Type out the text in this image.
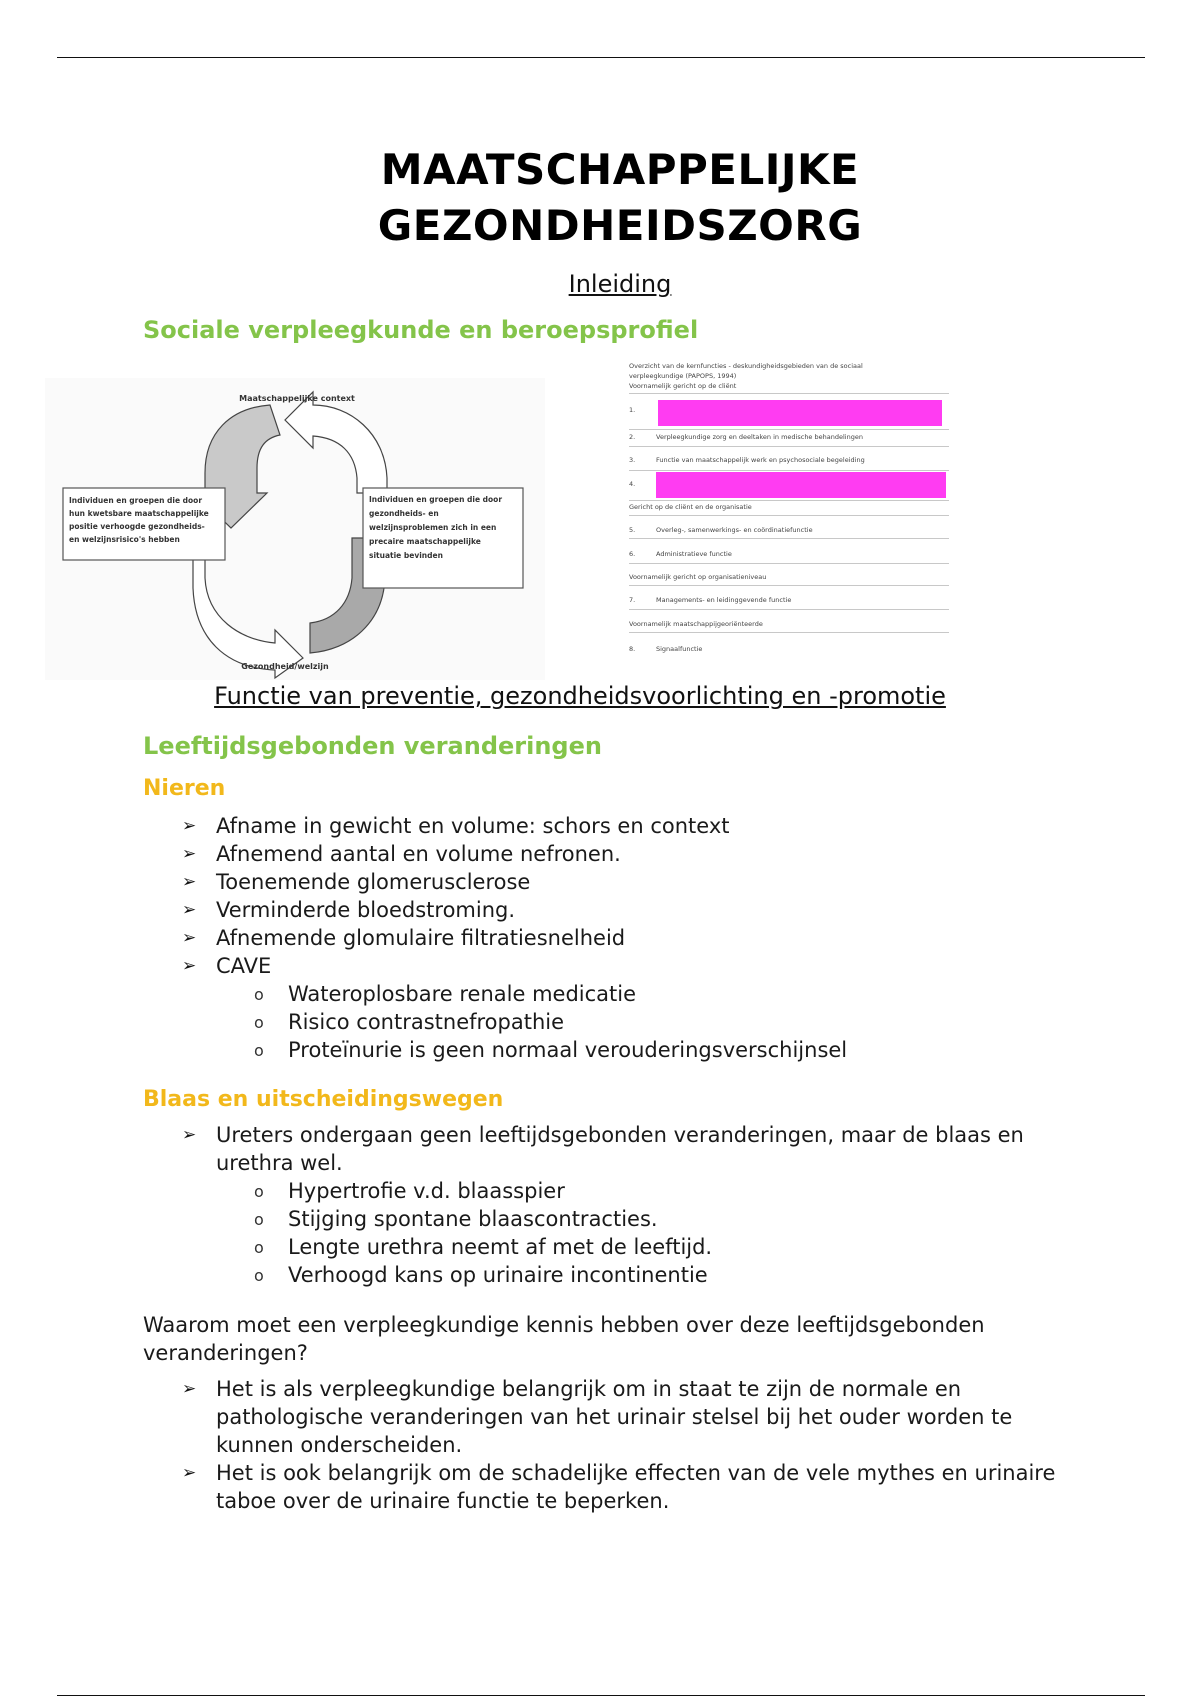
MAATSCHAPPELIJKE
GEZONDHEIDSZORG
Inleiding
Sociale verpleegkunde en beroepsprofiel
Maatschappelijke context
Gezondheid/welzijn
Individuen en groepen die door
hun kwetsbare maatschappelijke
positie verhoogde gezondheids-
en welzijnsrisico's hebben
Individuen en groepen die door
gezondheids- en
welzijnsproblemen zich in een
precaire maatschappelijke
situatie bevinden
Overzicht van de kernfuncties - deskundigheidsgebieden van de sociaal
verpleegkundige (PAPOPS, 1994)
Voornamelijk gericht op de cliënt
1.
2.	Verpleegkundige zorg en deeltaken in medische behandelingen
3.	Functie van maatschappelijk werk en psychosociale begeleiding
4.
Gericht op de cliënt en de organisatie
5.	Overleg-, samenwerkings- en coördinatiefunctie
6.	Administratieve functie
Voornamelijk gericht op organisatieniveau
7.	Managements- en leidinggevende functie
Voornamelijk maatschappijgeoriënteerde
8.	Signaalfunctie
Functie van preventie, gezondheidsvoorlichting en -promotie
Leeftijdsgebonden veranderingen
Nieren
➢ Afname in gewicht en volume: schors en context
➢ Afnemend aantal en volume nefronen.
➢ Toenemende glomerusclerose
➢ Verminderde bloedstroming.
➢ Afnemende glomulaire filtratiesnelheid
➢ CAVE
o Wateroplosbare renale medicatie
o Risico contrastnefropathie
o Proteïnurie is geen normaal verouderingsverschijnsel
Blaas en uitscheidingswegen
➢ Ureters ondergaan geen leeftijdsgebonden veranderingen, maar de blaas en urethra wel.
o Hypertrofie v.d. blaasspier
o Stijging spontane blaascontracties.
o Lengte urethra neemt af met de leeftijd.
o Verhoogd kans op urinaire incontinentie
Waarom moet een verpleegkundige kennis hebben over deze leeftijdsgebonden veranderingen?
➢ Het is als verpleegkundige belangrijk om in staat te zijn de normale en pathologische veranderingen van het urinair stelsel bij het ouder worden te kunnen onderscheiden.
➢ Het is ook belangrijk om de schadelijke effecten van de vele mythes en urinaire taboe over de urinaire functie te beperken.
